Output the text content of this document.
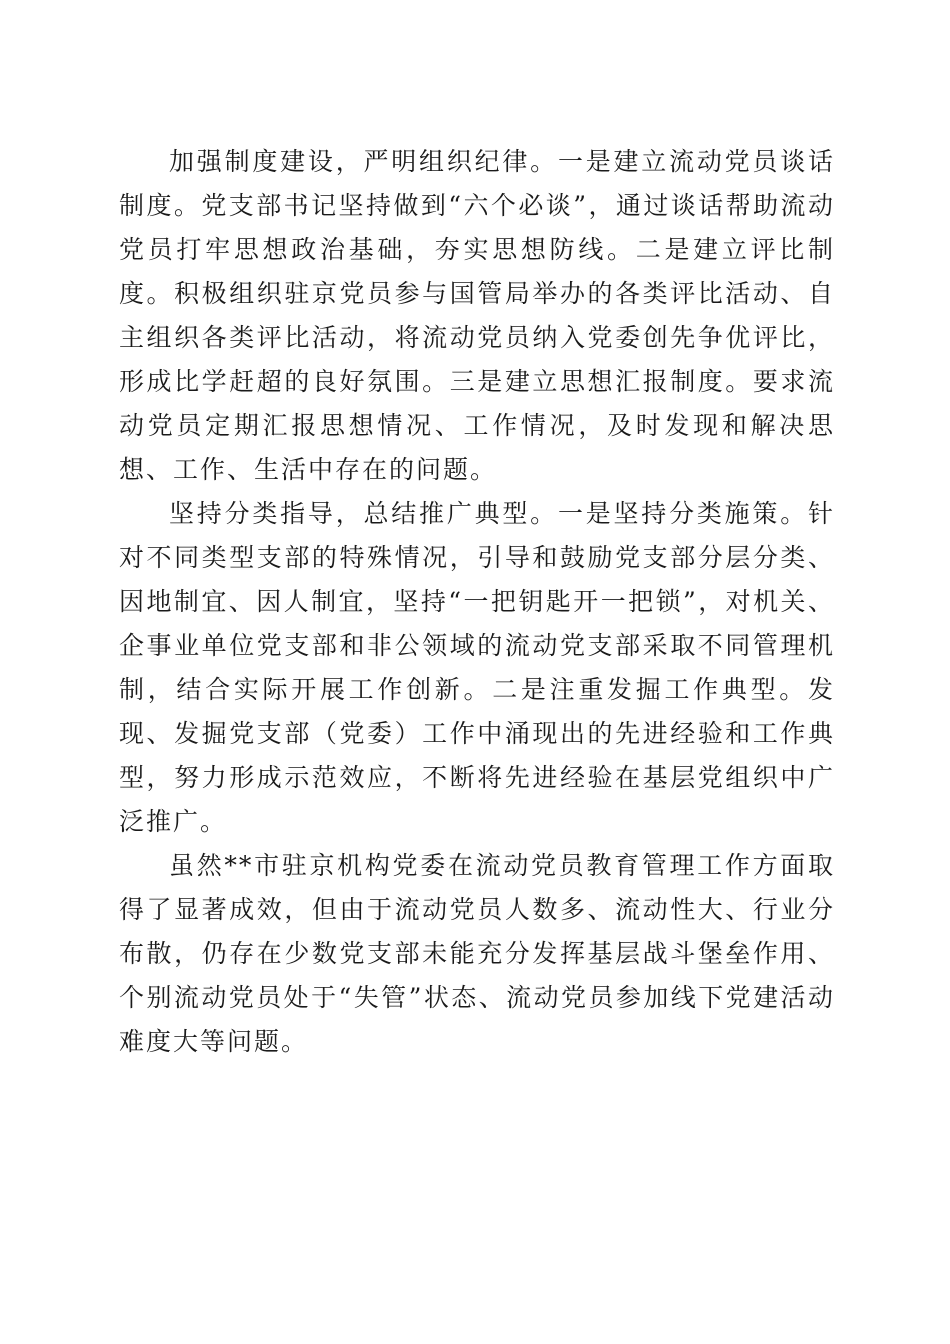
加强制度建设，严明组织纪律。一是建立流动党员谈话制度。党支部书记坚持做到“六个必谈”，通过谈话帮助流动党员打牢思想政治基础，夯实思想防线。二是建立评比制度。积极组织驻京党员参与国管局举办的各类评比活动、自主组织各类评比活动，将流动党员纳入党委创先争优评比，形成比学赶超的良好氛围。三是建立思想汇报制度。要求流动党员定期汇报思想情况、工作情况，及时发现和解决思想、工作、生活中存在的问题。

坚持分类指导，总结推广典型。一是坚持分类施策。针对不同类型支部的特殊情况，引导和鼓励党支部分层分类、因地制宜、因人制宜，坚持“一把钥匙开一把锁”，对机关、企事业单位党支部和非公领域的流动党支部采取不同管理机制，结合实际开展工作创新。二是注重发掘工作典型。发现、发掘党支部（党委）工作中涌现出的先进经验和工作典型，努力形成示范效应，不断将先进经验在基层党组织中广泛推广。

虽然**市驻京机构党委在流动党员教育管理工作方面取得了显著成效，但由于流动党员人数多、流动性大、行业分布散，仍存在少数党支部未能充分发挥基层战斗堡垒作用、个别流动党员处于“失管”状态、流动党员参加线下党建活动难度大等问题。
